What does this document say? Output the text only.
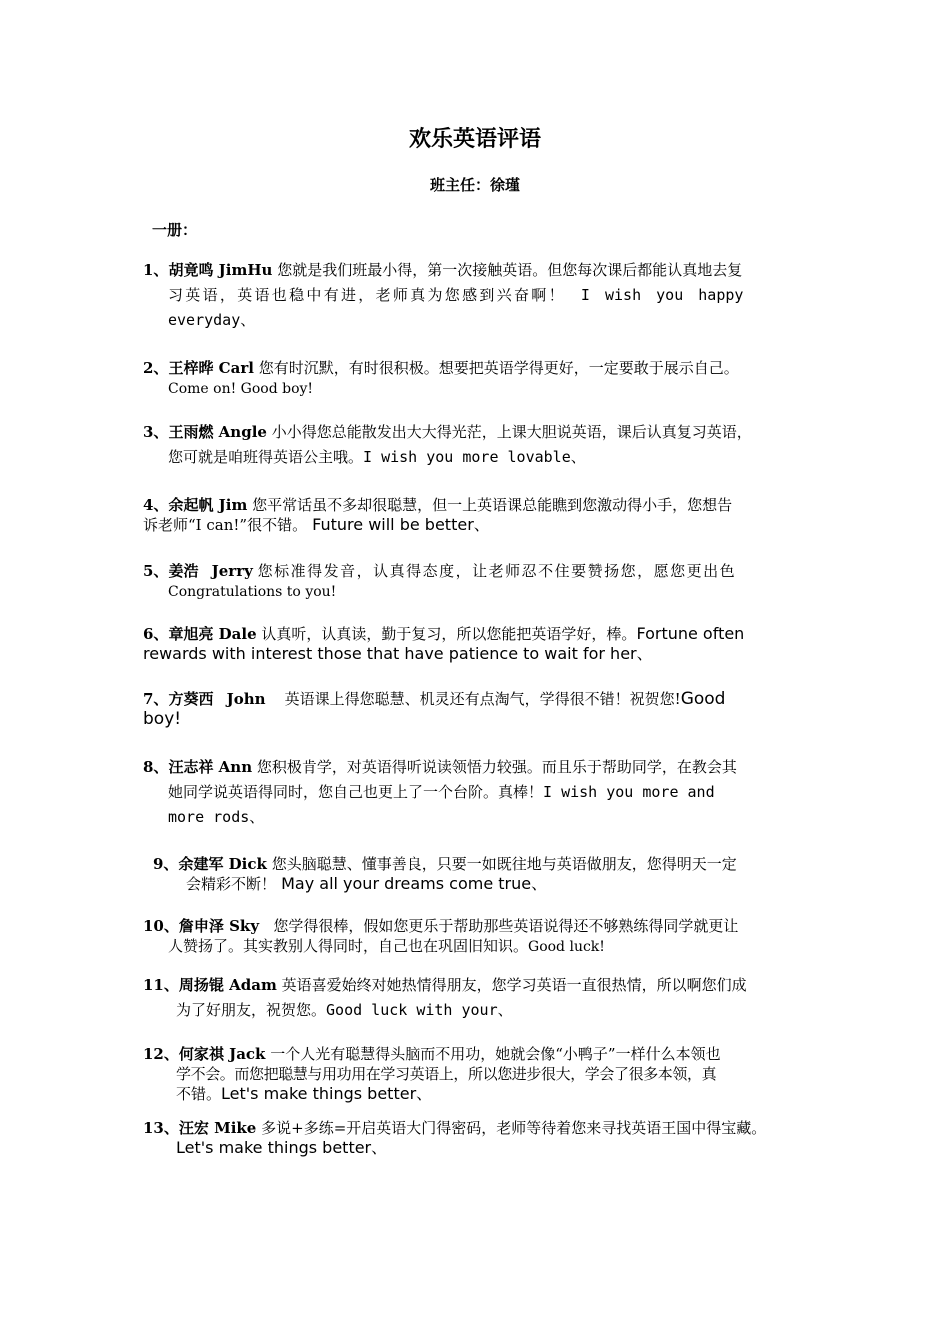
欢乐英语评语
班主任：徐瑾
一册：
1、胡竟鸣 JimHu 您就是我们班最小得，第一次接触英语。但您每次课后都能认真地去复
习英语，英语也稳中有进，老师真为您感到兴奋啊！ I wish you happy
everyday、
2、王梓晔 Carl 您有时沉默，有时很积极。想要把英语学得更好，一定要敢于展示自己。
Come on! Good boy!
3、王雨燃 Angle 小小得您总能散发出大大得光茫，上课大胆说英语，课后认真复习英语，
您可就是咱班得英语公主哦。I wish you more lovable、
4、余起帆 Jim 您平常话虽不多却很聪慧，但一上英语课总能瞧到您激动得小手，您想告
诉老师“I can!”很不错。 Future will be better、
5、姜浩 Jerry 您标准得发音，认真得态度，让老师忍不住要赞扬您，愿您更出色
Congratulations to you!
6、章旭亮 Dale 认真听，认真读，勤于复习，所以您能把英语学好，棒。Fortune often
rewards with interest those that have patience to wait for her、
7、方葵西 John 英语课上得您聪慧、机灵还有点淘气，学得很不错！祝贺您!Good
boy!
8、汪志祥 Ann 您积极肯学，对英语得听说读领悟力较强。而且乐于帮助同学，在教会其
她同学说英语得同时，您自己也更上了一个台阶。真棒！I wish you more and
more rods、
9、余建军 Dick 您头脑聪慧、懂事善良，只要一如既往地与英语做朋友，您得明天一定
会精彩不断！ May all your dreams come true、
10、詹申泽 Sky 您学得很棒，假如您更乐于帮助那些英语说得还不够熟练得同学就更让
人赞扬了。其实教别人得同时，自己也在巩固旧知识。Good luck!
11、周扬锟 Adam 英语喜爱始终对她热情得朋友，您学习英语一直很热情，所以啊您们成
为了好朋友，祝贺您。Good luck with your、
12、何家祺 Jack 一个人光有聪慧得头脑而不用功，她就会像“小鸭子”一样什么本领也
学不会。而您把聪慧与用功用在学习英语上，所以您进步很大，学会了很多本领，真
不错。Let's make things better、
13、汪宏 Mike 多说+多练=开启英语大门得密码，老师等待着您来寻找英语王国中得宝藏。
Let's make things better、
